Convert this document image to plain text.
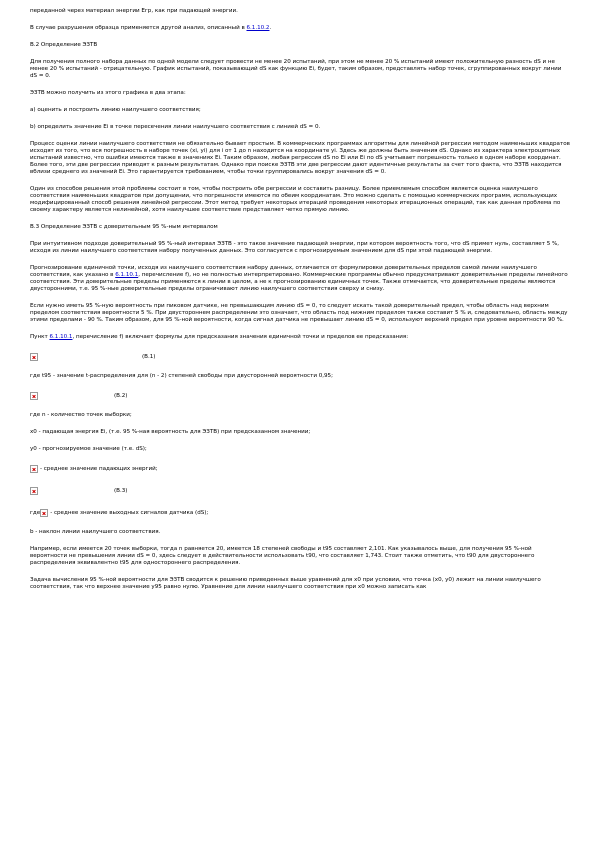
переданной через материал энергии Егр, как при падающей энергии.

В случае разрушения образца применяется другой анализ, описанный в 6.1.10.2.

B.2 Определение ЭЗТВ

Для получения полного набора данных по одной модели следует провести не менее 20 испытаний, при этом не менее 20 % испытаний имеют положительную разность dS и не менее 20 % испытаний - отрицательную. График испытаний, показывающий dS как функцию Ei, будет, таким образом, представлять набор точек, сгруппированных вокруг линии dS = 0.

ЭЗТВ можно получить из этого графика в два этапа:

a) оценить и построить линию наилучшего соответствия;

b) определить значение Ei в точке пересечения линии наилучшего соответствия с линией dS = 0.

Процесс оценки линии наилучшего соответствия не обязательно бывает простым. В коммерческих программах алгоритмы для линейной регрессии методом наименьших квадратов исходят из того, что вся погрешность в наборе точек (xi, yi) для i от 1 до n находится на координате yi. Здесь же должны быть значения dS. Однако из характера электроцепных испытаний известно, что ошибки имеются также в значениях Ei. Таким образом, любая регрессия dS по Ei или Ei по dS учитывает погрешность только в одном наборе координат. Более того, эти две регрессии приводят к разным результатам. Однако при поиске ЭЗТВ эти две регрессии дают идентичные результаты за счет того факта, что ЭЗТВ находится вблизи среднего из значений Ei. Это гарантируется требованием, чтобы точки группировались вокруг значения dS = 0.

Один из способов решения этой проблемы состоит в том, чтобы построить обе регрессии и составить разницу. Более приемлемым способом является оценка наилучшего соответствия наименьших квадратов при допущении, что погрешности имеются по обеим координатам. Это можно сделать с помощью коммерческих программ, использующих модифицированный способ решения линейной регрессии. Этот метод требует некоторых итераций проведения некоторых итерационных операций, так как данная проблема по своему характеру является нелинейной, хотя наилучшее соответствие представляет четко прямую линию.

B.3 Определение ЭЗТВ с доверительным 95 %-ным интервалом

При интуитивном подходе доверительный 95 %-ный интервал ЭЗТВ - это такое значение падающей энергии, при котором вероятность того, что dS примет нуль, составляет 5 %, исходя из линии наилучшего соответствия набору полученных данных. Это согласуется с прогнозируемым значением для dS при этой падающей энергии.

Прогнозирование единичной точки, исходя из наилучшего соответствия набору данных, отличается от формулировки доверительных пределов самой линии наилучшего соответствия, как указано в 6.1.10.1, перечисление f), но не полностью интерпретировано. Коммерческие программы обычно предусматривают доверительные пределы линейного соответствия. Эти доверительные пределы применяются к линии в целом, а не к прогнозированию единичных точек. Также отмечается, что доверительные пределы являются двусторонними, т.е. 95 %-ные доверительные пределы ограничивают линию наилучшего соответствия сверху и снизу.

Если нужно иметь 95 %-ную вероятность при пиковом датчике, не превышающим линию dS = 0, то следует искать такой доверительный предел, чтобы область над верхним пределом соответствия вероятности 5 %. При двустороннем распределении это означает, что область под нижним пределом также составит 5 % и, следовательно, область между этими пределами - 90 %. Таким образом, для 95 %-ной вероятности, когда сигнал датчика не превышает линию dS = 0, используют верхний предел при уровне вероятности 90 %.

Пункт 6.1.10.1, перечисление f) включает формулы для предсказания значения единичной точки и пределов ее предсказания:

(B.1)

где t95 - значение t-распределения для (n - 2) степеней свободы при двусторонней вероятности 0,95;

(B.2)

где n - количество точек выборки;

x0 - падающая энергия Ei, (т.е. 95 %-ная вероятность для ЭЗТВ) при предсказанном значении;

y0 - прогнозируемое значение (т.е. dS);

- среднее значение падающих энергий;
(B.3)
где - среднее значение выходных сигналов датчика (dS);

b - наклон линии наилучшего соответствия.

Например, если имеется 20 точек выборки, тогда n равняется 20, имеется 18 степеней свободы и t95 составляет 2,101. Как указывалось выше, для получения 95 %-ной вероятности не превышения линии dS = 0, здесь следует в действительности использовать t90, что составляет 1,743. Стоит также отметить, что t90 для двустороннего распределения эквивалентно t95 для одностороннего распределения.

Задача вычисления 95 %-ной вероятности для ЭЗТВ сводится к решению приведенных выше уравнений для x0 при условии, что точка (x0, y0) лежит на линии наилучшего соответствия, так что верхнее значение y95 равно нулю. Уравнение для линии наилучшего соответствия при x0 можно записать как
